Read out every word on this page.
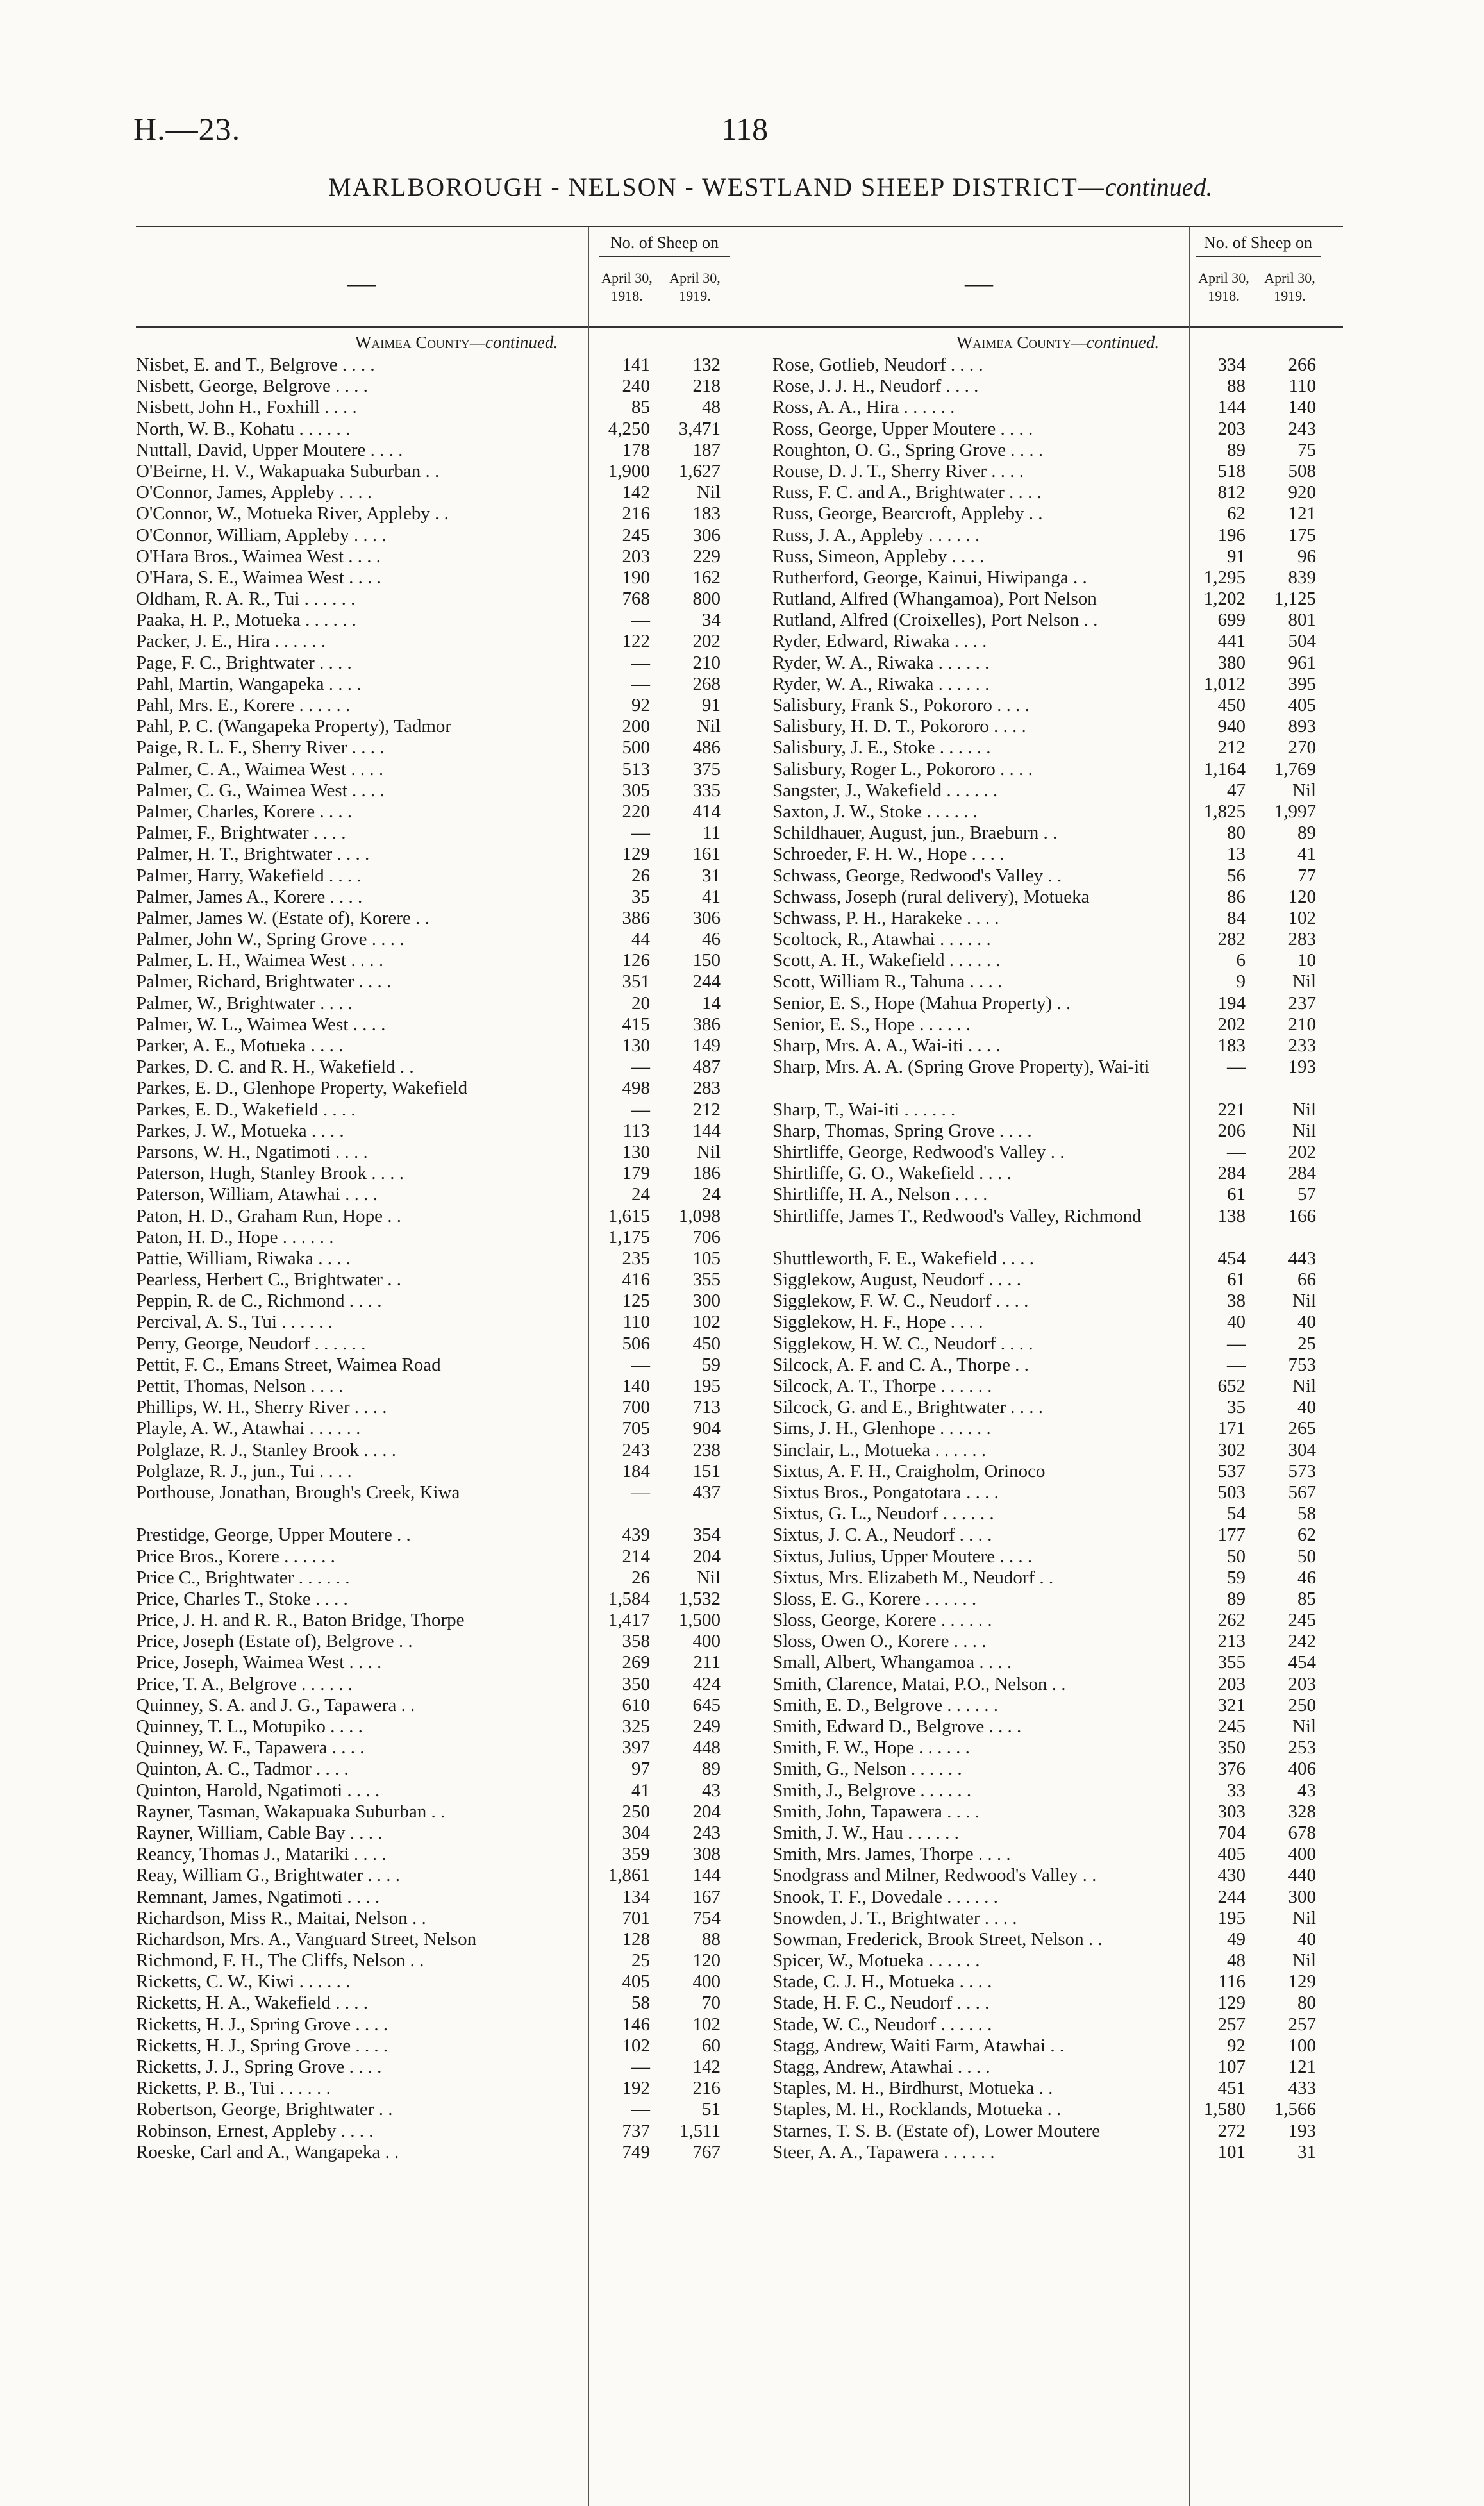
H.—23.	118
MARLBOROUGH - NELSON - WESTLAND SHEEP DISTRICT—continued.
—
No. of Sheep on
April 30,
1918.
April 30,
1919.
Waimea County—continued.
Nisbet, E. and T., Belgrove . . . .	141	132
Nisbett, George, Belgrove . . . .	240	218
Nisbett, John H., Foxhill . . . .	85	48
North, W. B., Kohatu . . . . . .	4,250	3,471
Nuttall, David, Upper Moutere . . . .	178	187
O'Beirne, H. V., Wakapuaka Suburban . .	1,900	1,627
O'Connor, James, Appleby . . . .	142	Nil
O'Connor, W., Motueka River, Appleby . .	216	183
O'Connor, William, Appleby . . . .	245	306
O'Hara Bros., Waimea West . . . .	203	229
O'Hara, S. E., Waimea West . . . .	190	162
Oldham, R. A. R., Tui . . . . . .	768	800
Paaka, H. P., Motueka . . . . . .	—	34
Packer, J. E., Hira . . . . . .	122	202
Page, F. C., Brightwater . . . .	—	210
Pahl, Martin, Wangapeka . . . .	—	268
Pahl, Mrs. E., Korere . . . . . .	92	91
Pahl, P. C. (Wangapeka Property), Tadmor	200	Nil
Paige, R. L. F., Sherry River . . . .	500	486
Palmer, C. A., Waimea West . . . .	513	375
Palmer, C. G., Waimea West . . . .	305	335
Palmer, Charles, Korere . . . .	220	414
Palmer, F., Brightwater . . . .	—	11
Palmer, H. T., Brightwater . . . .	129	161
Palmer, Harry, Wakefield . . . .	26	31
Palmer, James A., Korere . . . .	35	41
Palmer, James W. (Estate of), Korere . .	386	306
Palmer, John W., Spring Grove . . . .	44	46
Palmer, L. H., Waimea West . . . .	126	150
Palmer, Richard, Brightwater . . . .	351	244
Palmer, W., Brightwater . . . .	20	14
Palmer, W. L., Waimea West . . . .	415	386
Parker, A. E., Motueka . . . .	130	149
Parkes, D. C. and R. H., Wakefield . .	—	487
Parkes, E. D., Glenhope Property, Wakefield	498	283
Parkes, E. D., Wakefield . . . .	—	212
Parkes, J. W., Motueka . . . .	113	144
Parsons, W. H., Ngatimoti . . . .	130	Nil
Paterson, Hugh, Stanley Brook . . . .	179	186
Paterson, William, Atawhai . . . .	24	24
Paton, H. D., Graham Run, Hope . .	1,615	1,098
Paton, H. D., Hope . . . . . .	1,175	706
Pattie, William, Riwaka . . . .	235	105
Pearless, Herbert C., Brightwater . .	416	355
Peppin, R. de C., Richmond . . . .	125	300
Percival, A. S., Tui . . . . . .	110	102
Perry, George, Neudorf . . . . . .	506	450
Pettit, F. C., Emans Street, Waimea Road	—	59
Pettit, Thomas, Nelson . . . .	140	195
Phillips, W. H., Sherry River . . . .	700	713
Playle, A. W., Atawhai . . . . . .	705	904
Polglaze, R. J., Stanley Brook . . . .	243	238
Polglaze, R. J., jun., Tui . . . .	184	151
Porthouse, Jonathan, Brough's Creek, Kiwa	—	437
Prestidge, George, Upper Moutere . .	439	354
Price Bros., Korere . . . . . .	214	204
Price C., Brightwater . . . . . .	26	Nil
Price, Charles T., Stoke . . . .	1,584	1,532
Price, J. H. and R. R., Baton Bridge, Thorpe	1,417	1,500
Price, Joseph (Estate of), Belgrove . .	358	400
Price, Joseph, Waimea West . . . .	269	211
Price, T. A., Belgrove . . . . . .	350	424
Quinney, S. A. and J. G., Tapawera . .	610	645
Quinney, T. L., Motupiko . . . .	325	249
Quinney, W. F., Tapawera . . . .	397	448
Quinton, A. C., Tadmor . . . .	97	89
Quinton, Harold, Ngatimoti . . . .	41	43
Rayner, Tasman, Wakapuaka Suburban . .	250	204
Rayner, William, Cable Bay . . . .	304	243
Reancy, Thomas J., Matariki . . . .	359	308
Reay, William G., Brightwater . . . .	1,861	144
Remnant, James, Ngatimoti . . . .	134	167
Richardson, Miss R., Maitai, Nelson . .	701	754
Richardson, Mrs. A., Vanguard Street, Nelson	128	88
Richmond, F. H., The Cliffs, Nelson . .	25	120
Ricketts, C. W., Kiwi . . . . . .	405	400
Ricketts, H. A., Wakefield . . . .	58	70
Ricketts, H. J., Spring Grove . . . .	146	102
Ricketts, H. J., Spring Grove . . . .	102	60
Ricketts, J. J., Spring Grove . . . .	—	142
Ricketts, P. B., Tui . . . . . .	192	216
Robertson, George, Brightwater . .	—	51
Robinson, Ernest, Appleby . . . .	737	1,511
Roeske, Carl and A., Wangapeka . .	749	767
—
No. of Sheep on
April 30,
1918.
April 30,
1919.
Waimea County—continued.
Rose, Gotlieb, Neudorf . . . .	334	266
Rose, J. J. H., Neudorf . . . .	88	110
Ross, A. A., Hira . . . . . .	144	140
Ross, George, Upper Moutere . . . .	203	243
Roughton, O. G., Spring Grove . . . .	89	75
Rouse, D. J. T., Sherry River . . . .	518	508
Russ, F. C. and A., Brightwater . . . .	812	920
Russ, George, Bearcroft, Appleby . .	62	121
Russ, J. A., Appleby . . . . . .	196	175
Russ, Simeon, Appleby . . . .	91	96
Rutherford, George, Kainui, Hiwipanga . .	1,295	839
Rutland, Alfred (Whangamoa), Port Nelson	1,202	1,125
Rutland, Alfred (Croixelles), Port Nelson . .	699	801
Ryder, Edward, Riwaka . . . .	441	504
Ryder, W. A., Riwaka . . . . . .	380	961
Ryder, W. A., Riwaka . . . . . .	1,012	395
Salisbury, Frank S., Pokororo . . . .	450	405
Salisbury, H. D. T., Pokororo . . . .	940	893
Salisbury, J. E., Stoke . . . . . .	212	270
Salisbury, Roger L., Pokororo . . . .	1,164	1,769
Sangster, J., Wakefield . . . . . .	47	Nil
Saxton, J. W., Stoke . . . . . .	1,825	1,997
Schildhauer, August, jun., Braeburn . .	80	89
Schroeder, F. H. W., Hope . . . .	13	41
Schwass, George, Redwood's Valley . .	56	77
Schwass, Joseph (rural delivery), Motueka	86	120
Schwass, P. H., Harakeke . . . .	84	102
Scoltock, R., Atawhai . . . . . .	282	283
Scott, A. H., Wakefield . . . . . .	6	10
Scott, William R., Tahuna . . . .	9	Nil
Senior, E. S., Hope (Mahua Property) . .	194	237
Senior, E. S., Hope . . . . . .	202	210
Sharp, Mrs. A. A., Wai-iti . . . .	183	233
Sharp, Mrs. A. A. (Spring Grove Property), Wai-iti	—	193
Sharp, T., Wai-iti . . . . . .	221	Nil
Sharp, Thomas, Spring Grove . . . .	206	Nil
Shirtliffe, George, Redwood's Valley . .	—	202
Shirtliffe, G. O., Wakefield . . . .	284	284
Shirtliffe, H. A., Nelson . . . .	61	57
Shirtliffe, James T., Redwood's Valley, Richmond	138	166
Shuttleworth, F. E., Wakefield . . . .	454	443
Sigglekow, August, Neudorf . . . .	61	66
Sigglekow, F. W. C., Neudorf . . . .	38	Nil
Sigglekow, H. F., Hope . . . .	40	40
Sigglekow, H. W. C., Neudorf . . . .	—	25
Silcock, A. F. and C. A., Thorpe . .	—	753
Silcock, A. T., Thorpe . . . . . .	652	Nil
Silcock, G. and E., Brightwater . . . .	35	40
Sims, J. H., Glenhope . . . . . .	171	265
Sinclair, L., Motueka . . . . . .	302	304
Sixtus, A. F. H., Craigholm, Orinoco	537	573
Sixtus Bros., Pongatotara . . . .	503	567
Sixtus, G. L., Neudorf . . . . . .	54	58
Sixtus, J. C. A., Neudorf . . . .	177	62
Sixtus, Julius, Upper Moutere . . . .	50	50
Sixtus, Mrs. Elizabeth M., Neudorf . .	59	46
Sloss, E. G., Korere . . . . . .	89	85
Sloss, George, Korere . . . . . .	262	245
Sloss, Owen O., Korere . . . .	213	242
Small, Albert, Whangamoa . . . .	355	454
Smith, Clarence, Matai, P.O., Nelson . .	203	203
Smith, E. D., Belgrove . . . . . .	321	250
Smith, Edward D., Belgrove . . . .	245	Nil
Smith, F. W., Hope . . . . . .	350	253
Smith, G., Nelson . . . . . .	376	406
Smith, J., Belgrove . . . . . .	33	43
Smith, John, Tapawera . . . .	303	328
Smith, J. W., Hau . . . . . .	704	678
Smith, Mrs. James, Thorpe . . . .	405	400
Snodgrass and Milner, Redwood's Valley . .	430	440
Snook, T. F., Dovedale . . . . . .	244	300
Snowden, J. T., Brightwater . . . .	195	Nil
Sowman, Frederick, Brook Street, Nelson . .	49	40
Spicer, W., Motueka . . . . . .	48	Nil
Stade, C. J. H., Motueka . . . .	116	129
Stade, H. F. C., Neudorf . . . .	129	80
Stade, W. C., Neudorf . . . . . .	257	257
Stagg, Andrew, Waiti Farm, Atawhai . .	92	100
Stagg, Andrew, Atawhai . . . .	107	121
Staples, M. H., Birdhurst, Motueka . .	451	433
Staples, M. H., Rocklands, Motueka . .	1,580	1,566
Starnes, T. S. B. (Estate of), Lower Moutere	272	193
Steer, A. A., Tapawera . . . . . .	101	31
